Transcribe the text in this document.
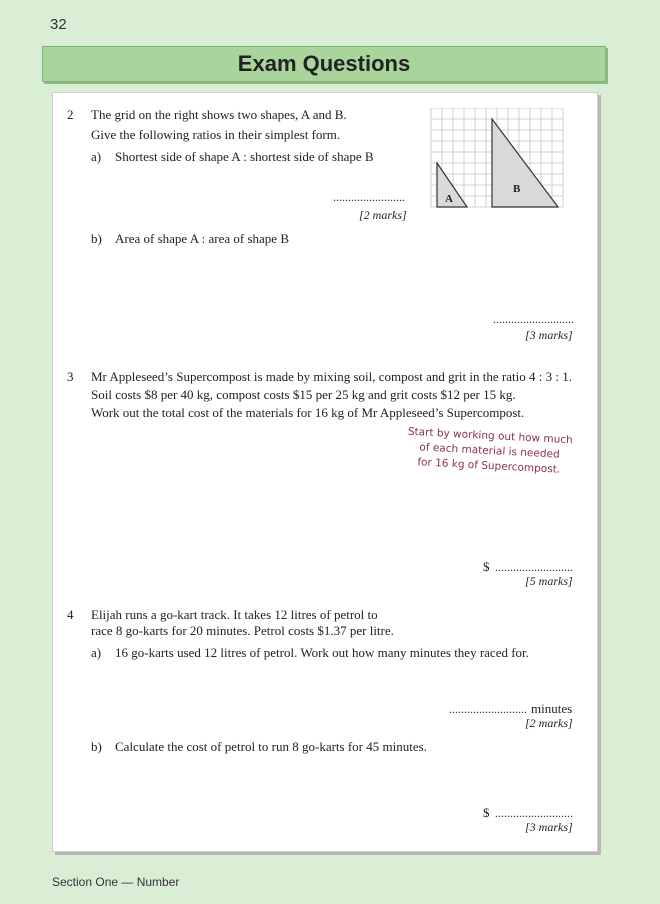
32
Exam Questions
2 The grid on the right shows two shapes, A and B.
Give the following ratios in their simplest form.
a) Shortest side of shape A : shortest side of shape B
A
B
........................
[2 marks]
b) Area of shape A : area of shape B
...........................
[3 marks]
3 Mr Appleseed’s Supercompost is made by mixing soil, compost and grit in the ratio 4 : 3 : 1.
Soil costs $8 per 40 kg, compost costs $15 per 25 kg and grit costs $12 per 15 kg.
Work out the total cost of the materials for 16 kg of Mr Appleseed’s Supercompost.
Start by working out how much
of each material is needed
for 16 kg of Supercompost.
$ ..........................
[5 marks]
4 Elijah runs a go-kart track. It takes 12 litres of petrol to
race 8 go-karts for 20 minutes. Petrol costs $1.37 per litre.
a) 16 go-karts used 12 litres of petrol. Work out how many minutes they raced for.
.......................... minutes
[2 marks]
b) Calculate the cost of petrol to run 8 go-karts for 45 minutes.
$ ..........................
[3 marks]
Section One — Number
